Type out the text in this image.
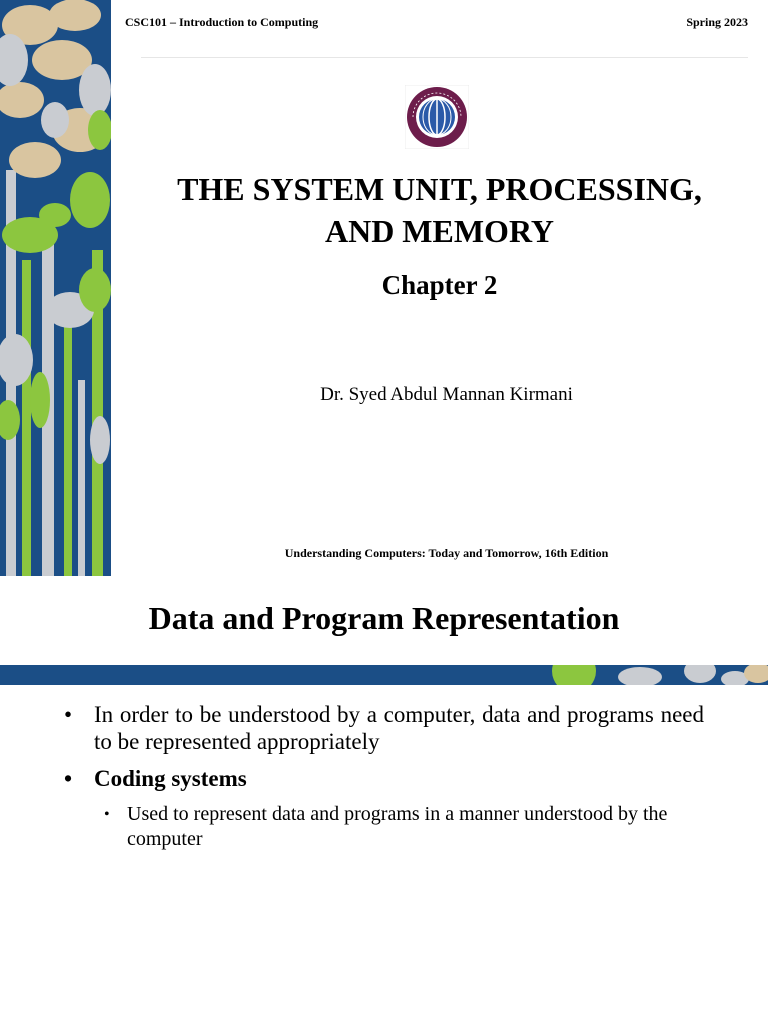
CSC101 – Introduction to Computing	Spring 2023
THE SYSTEM UNIT, PROCESSING,
AND MEMORY
Chapter 2
Dr. Syed Abdul Mannan Kirmani
Understanding Computers: Today and Tomorrow, 16th Edition
Data and Program Representation
• In order to be understood by a computer, data and programs need to be represented appropriately
• Coding systems
• Used to represent data and programs in a manner understood by the computer
